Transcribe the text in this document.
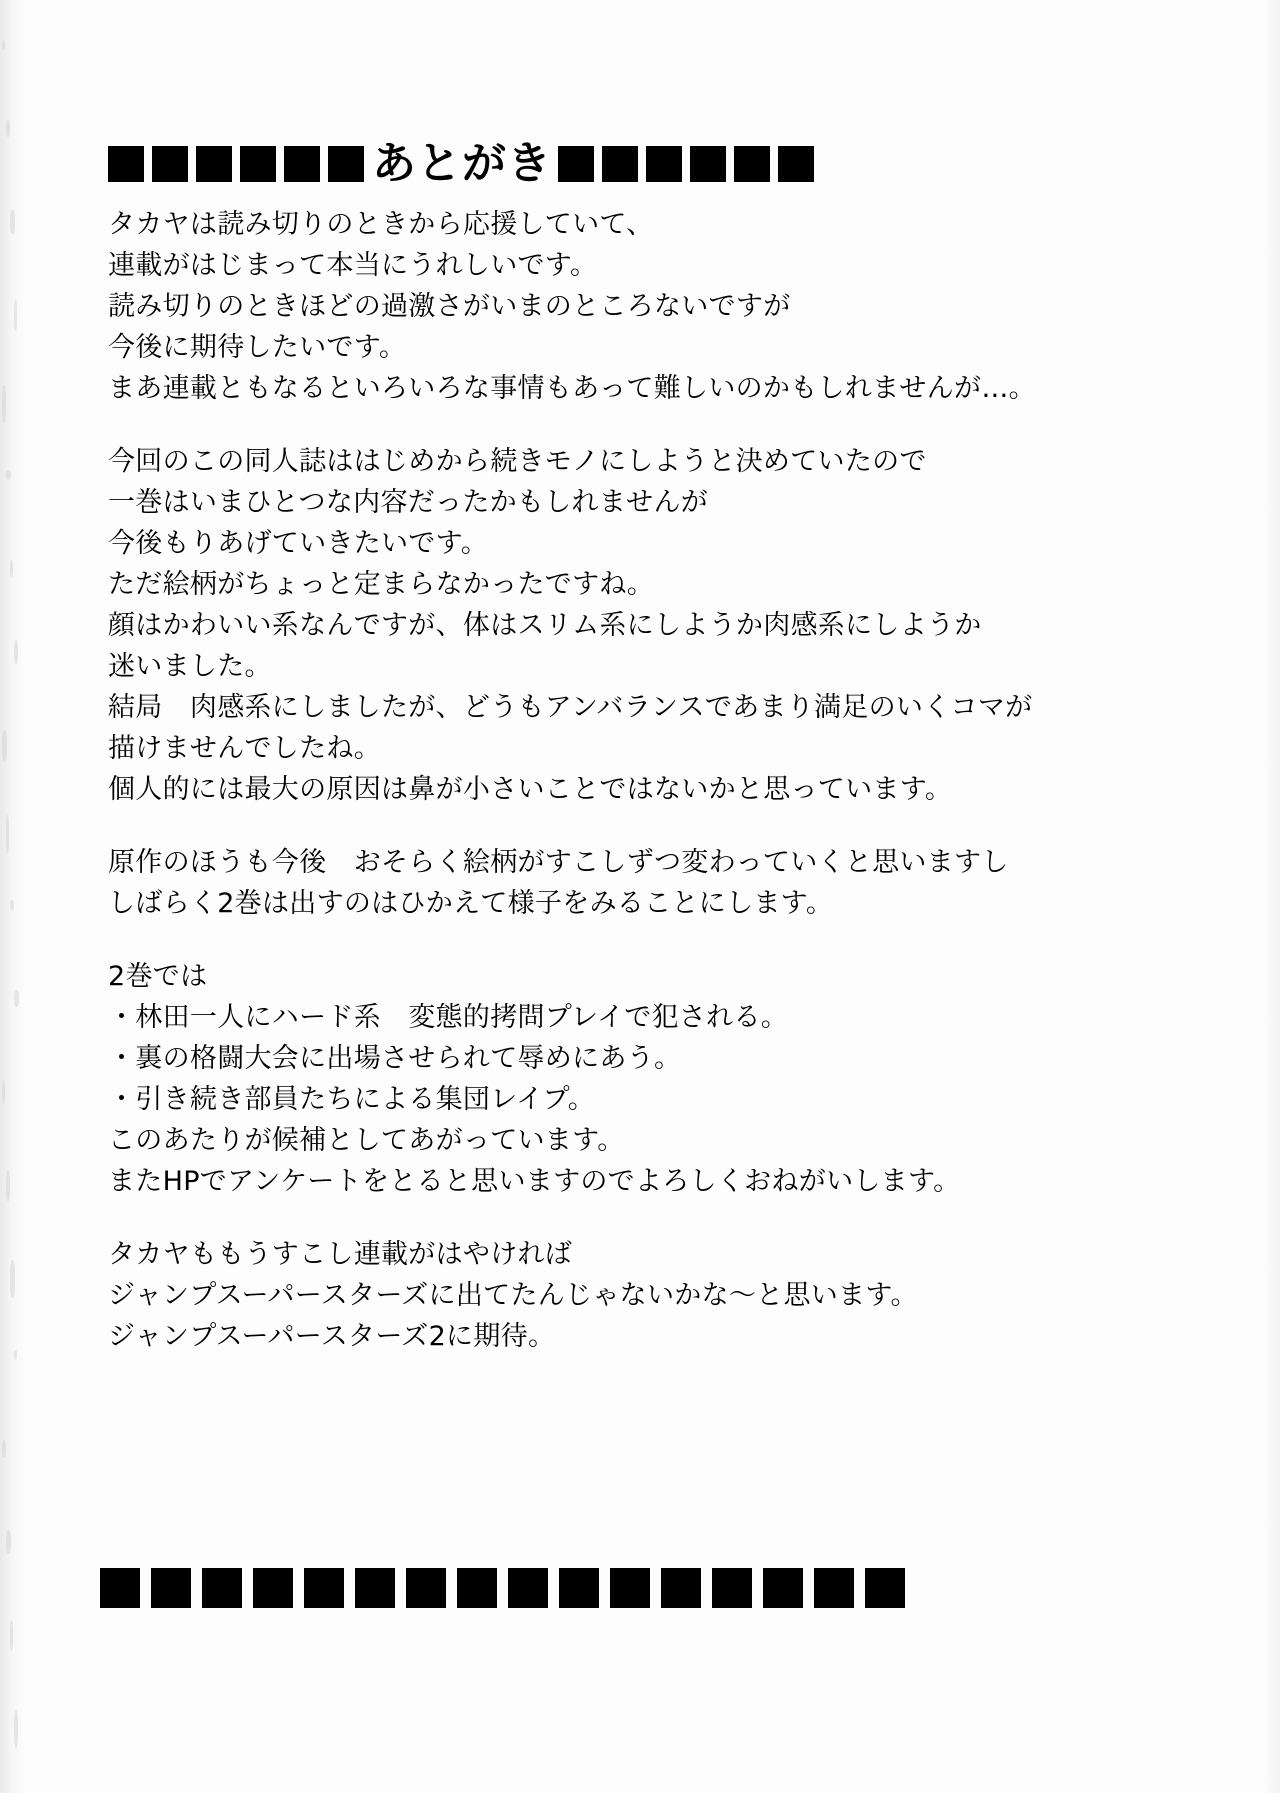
あとがき
タカヤは読み切りのときから応援していて、
連載がはじまって本当にうれしいです。
読み切りのときほどの過激さがいまのところないですが
今後に期待したいです。
まあ連載ともなるといろいろな事情もあって難しいのかもしれませんが…。
今回のこの同人誌ははじめから続きモノにしようと決めていたので
一巻はいまひとつな内容だったかもしれませんが
今後もりあげていきたいです。
ただ絵柄がちょっと定まらなかったですね。
顔はかわいい系なんですが、体はスリム系にしようか肉感系にしようか
迷いました。
結局　肉感系にしましたが、どうもアンバランスであまり満足のいくコマが
描けませんでしたね。
個人的には最大の原因は鼻が小さいことではないかと思っています。
原作のほうも今後　おそらく絵柄がすこしずつ変わっていくと思いますし
しばらく2巻は出すのはひかえて様子をみることにします。
2巻では
・林田一人にハード系　変態的拷問プレイで犯される。
・裏の格闘大会に出場させられて辱めにあう。
・引き続き部員たちによる集団レイプ。
このあたりが候補としてあがっています。
またHPでアンケートをとると思いますのでよろしくおねがいします。
タカヤももうすこし連載がはやければ
ジャンプスーパースターズに出てたんじゃないかな〜と思います。
ジャンプスーパースターズ2に期待。
